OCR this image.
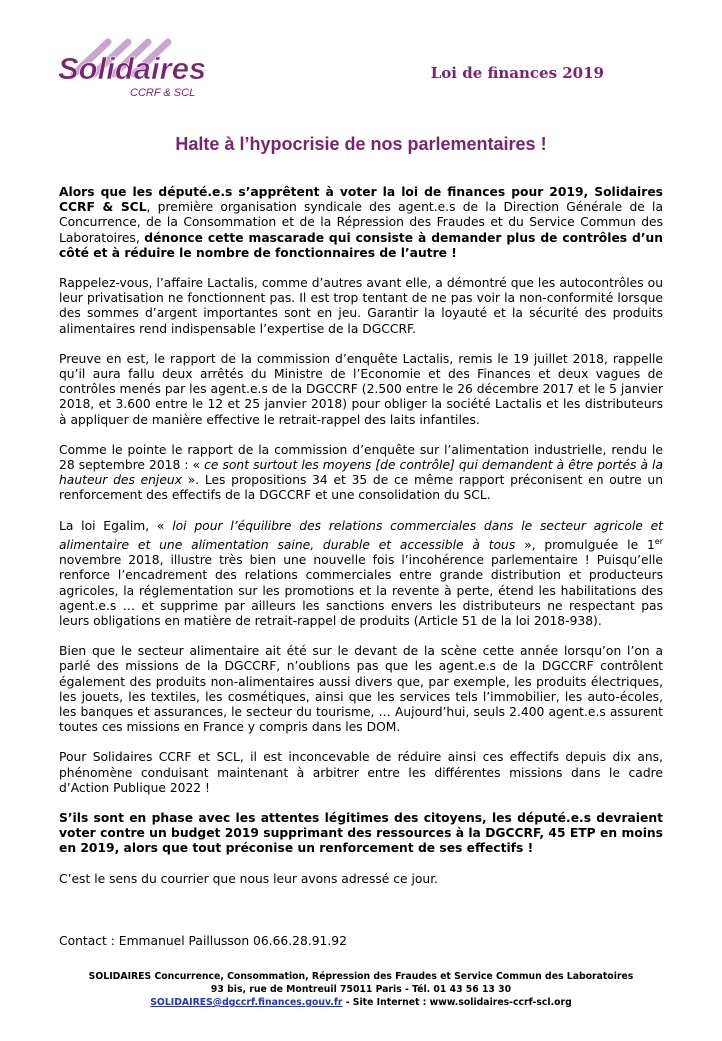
Solidaires
CCRF & SCL
Loi de finances 2019
Halte à l’hypocrisie de nos parlementaires !

Alors que les député.e.s s’apprêtent à voter la loi de finances pour 2019, Solidaires CCRF & SCL, première organisation syndicale des agent.e.s de la Direction Générale de la Concurrence, de la Consommation et de la Répression des Fraudes et du Service Commun des Laboratoires, dénonce cette mascarade qui consiste à demander plus de contrôles d’un côté et à réduire le nombre de fonctionnaires de l’autre !

Rappelez-vous, l’affaire Lactalis, comme d’autres avant elle, a démontré que les autocontrôles ou leur privatisation ne fonctionnent pas. Il est trop tentant de ne pas voir la non-conformité lorsque des sommes d’argent importantes sont en jeu. Garantir la loyauté et la sécurité des produits alimentaires rend indispensable l’expertise de la DGCCRF.

Preuve en est, le rapport de la commission d’enquête Lactalis, remis le 19 juillet 2018, rappelle qu’il aura fallu deux arrêtés du Ministre de l’Economie et des Finances et deux vagues de contrôles menés par les agent.e.s de la DGCCRF (2.500 entre le 26 décembre 2017 et le 5 janvier 2018, et 3.600 entre le 12 et 25 janvier 2018) pour obliger la société Lactalis et les distributeurs à appliquer de manière effective le retrait-rappel des laits infantiles.

Comme le pointe le rapport de la commission d’enquête sur l’alimentation industrielle, rendu le 28 septembre 2018 : « ce sont surtout les moyens [de contrôle] qui demandent à être portés à la hauteur des enjeux ». Les propositions 34 et 35 de ce même rapport préconisent en outre un renforcement des effectifs de la DGCCRF et une consolidation du SCL.

La loi Egalim, « loi pour l’équilibre des relations commerciales dans le secteur agricole et alimentaire et une alimentation saine, durable et accessible à tous », promulguée le 1er novembre 2018, illustre très bien une nouvelle fois l’incohérence parlementaire ! Puisqu’elle renforce l’encadrement des relations commerciales entre grande distribution et producteurs agricoles, la réglementation sur les promotions et la revente à perte, étend les habilitations des agent.e.s … et supprime par ailleurs les sanctions envers les distributeurs ne respectant pas leurs obligations en matière de retrait-rappel de produits (Article 51 de la loi 2018-938).

Bien que le secteur alimentaire ait été sur le devant de la scène cette année lorsqu’on l’on a parlé des missions de la DGCCRF, n’oublions pas que les agent.e.s de la DGCCRF contrôlent également des produits non-alimentaires aussi divers que, par exemple, les produits électriques, les jouets, les textiles, les cosmétiques, ainsi que les services tels l’immobilier, les auto-écoles, les banques et assurances, le secteur du tourisme, … Aujourd’hui, seuls 2.400 agent.e.s assurent toutes ces missions en France y compris dans les DOM.

Pour Solidaires CCRF et SCL, il est inconcevable de réduire ainsi ces effectifs depuis dix ans, phénomène conduisant maintenant à arbitrer entre les différentes missions dans le cadre d’Action Publique 2022 !

S’ils sont en phase avec les attentes légitimes des citoyens, les député.e.s devraient voter contre un budget 2019 supprimant des ressources à la DGCCRF, 45 ETP en moins en 2019, alors que tout préconise un renforcement de ses effectifs !

C’est le sens du courrier que nous leur avons adressé ce jour.

Contact : Emmanuel Paillusson 06.66.28.91.92
SOLIDAIRES Concurrence, Consommation, Répression des Fraudes et Service Commun des Laboratoires
93 bis, rue de Montreuil 75011 Paris - Tél. 01 43 56 13 30
SOLIDAIRES@dgccrf.finances.gouv.fr - Site Internet : www.solidaires-ccrf-scl.org
